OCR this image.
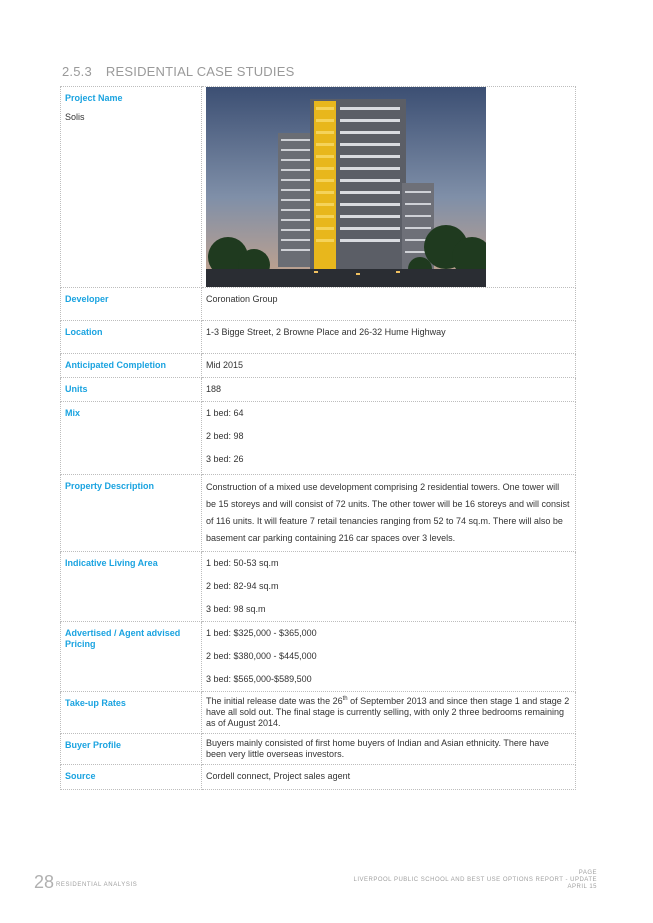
2.5.3 RESIDENTIAL CASE STUDIES
Project Name
Solis

Developer	Coronation Group
Location	1-3 Bigge Street, 2 Browne Place and 26-32 Hume Highway
Anticipated Completion	Mid 2015
Units	188
Mix	1 bed: 64

2 bed: 98

3 bed: 26

Property Description	Construction of a mixed use development comprising 2 residential towers. One tower will be 15 storeys and will consist of 72 units. The other tower will be 16 storeys and will consist of 116 units. It will feature 7 retail tenancies ranging from 52 to 74 sq.m. There will also be basement car parking containing 216 car spaces over 3 levels.
Indicative Living Area	1 bed: 50-53 sq.m

2 bed: 82-94 sq.m

3 bed: 98 sq.m

Advertised / Agent advised Pricing	1 bed: $325,000 - $365,000

2 bed: $380,000 - $445,000

3 bed: $565,000-$589,500

Take-up Rates	The initial release date was the 26th of September 2013 and since then stage 1 and stage 2 have all sold out. The final stage is currently selling, with only 2 three bedrooms remaining as of August 2014.
Buyer Profile	Buyers mainly consisted of first home buyers of Indian and Asian ethnicity. There have been very little overseas investors.
Source	Cordell connect, Project sales agent
28 RESIDENTIAL ANALYSIS
PAGE
LIVERPOOL PUBLIC SCHOOL AND BEST USE OPTIONS REPORT - UPDATE
APRIL 15
